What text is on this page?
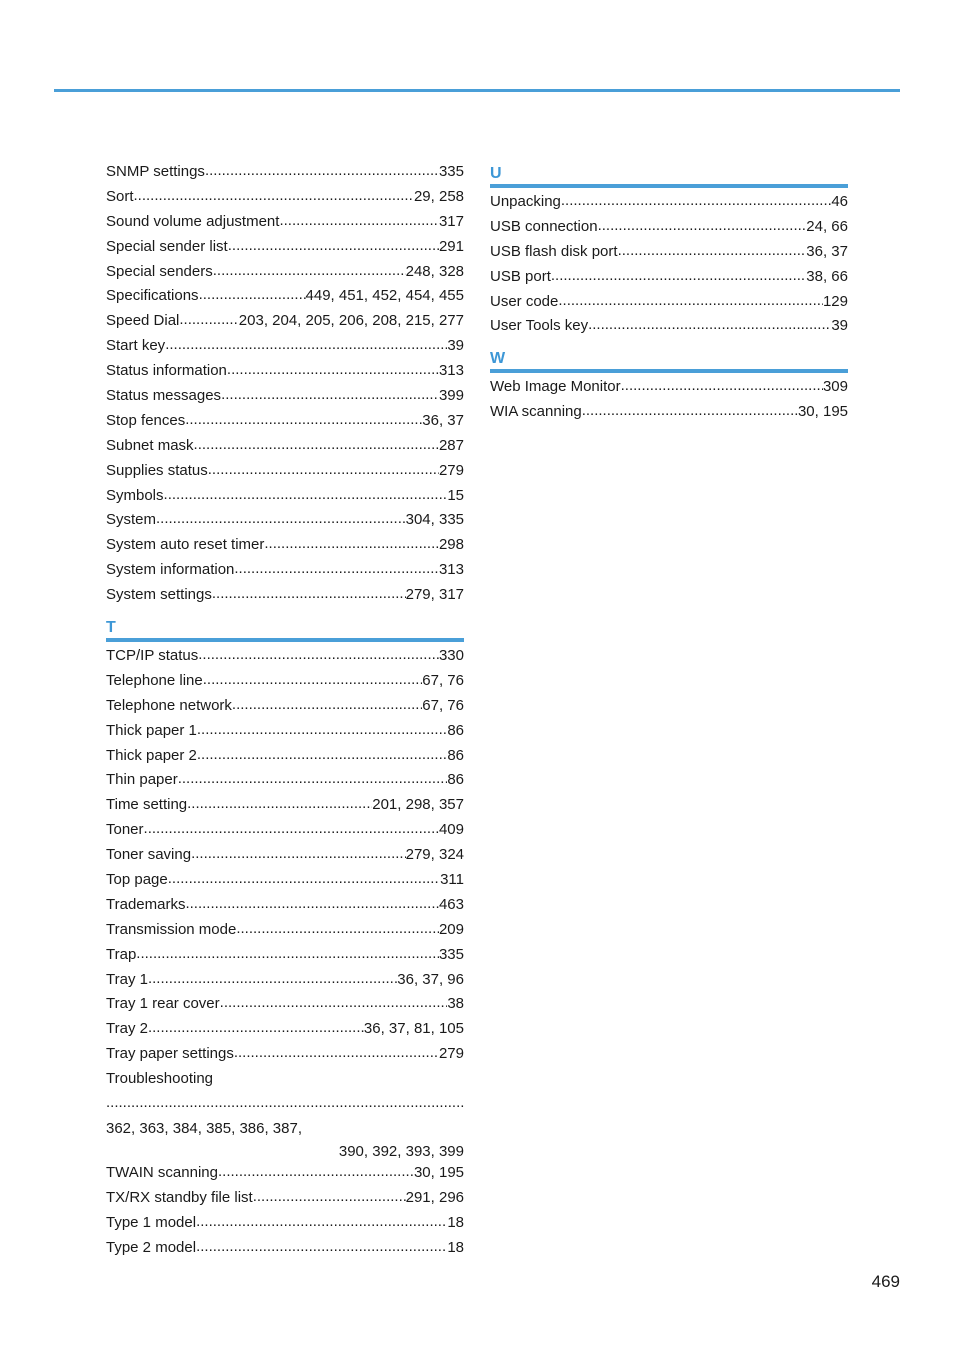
SNMP settings .....	335
Sort .....	29, 258
Sound volume adjustment .....	317
Special sender list .....	291
Special senders .....	248, 328
Specifications .....	449, 451, 452, 454, 455
Speed Dial .....	203, 204, 205, 206, 208, 215, 277
Start key .....	39
Status information .....	313
Status messages .....	399
Stop fences .....	36, 37
Subnet mask .....	287
Supplies status .....	279
Symbols .....	15
System .....	304, 335
System auto reset timer .....	298
System information .....	313
System settings .....	279, 317
T
TCP/IP status .....	330
Telephone line .....	67, 76
Telephone network .....	67, 76
Thick paper 1 .....	86
Thick paper 2 .....	86
Thin paper .....	86
Time setting .....	201, 298, 357
Toner .....	409
Toner saving .....	279, 324
Top page .....	311
Trademarks .....	463
Transmission mode .....	209
Trap .....	335
Tray 1 .....	36, 37, 96
Tray 1 rear cover .....	38
Tray 2 .....	36, 37, 81, 105
Tray paper settings .....	279
Troubleshooting
.....
362, 363, 384, 385, 386, 387,
390, 392, 393, 399
TWAIN scanning .....	30, 195
TX/RX standby file list .....	291, 296
Type 1 model .....	18
Type 2 model .....	18
U
Unpacking .....	46
USB connection .....	24, 66
USB flash disk port .....	36, 37
USB port .....	38, 66
User code .....	129
User Tools key .....	39
W
Web Image Monitor .....	309
WIA scanning .....	30, 195
469
